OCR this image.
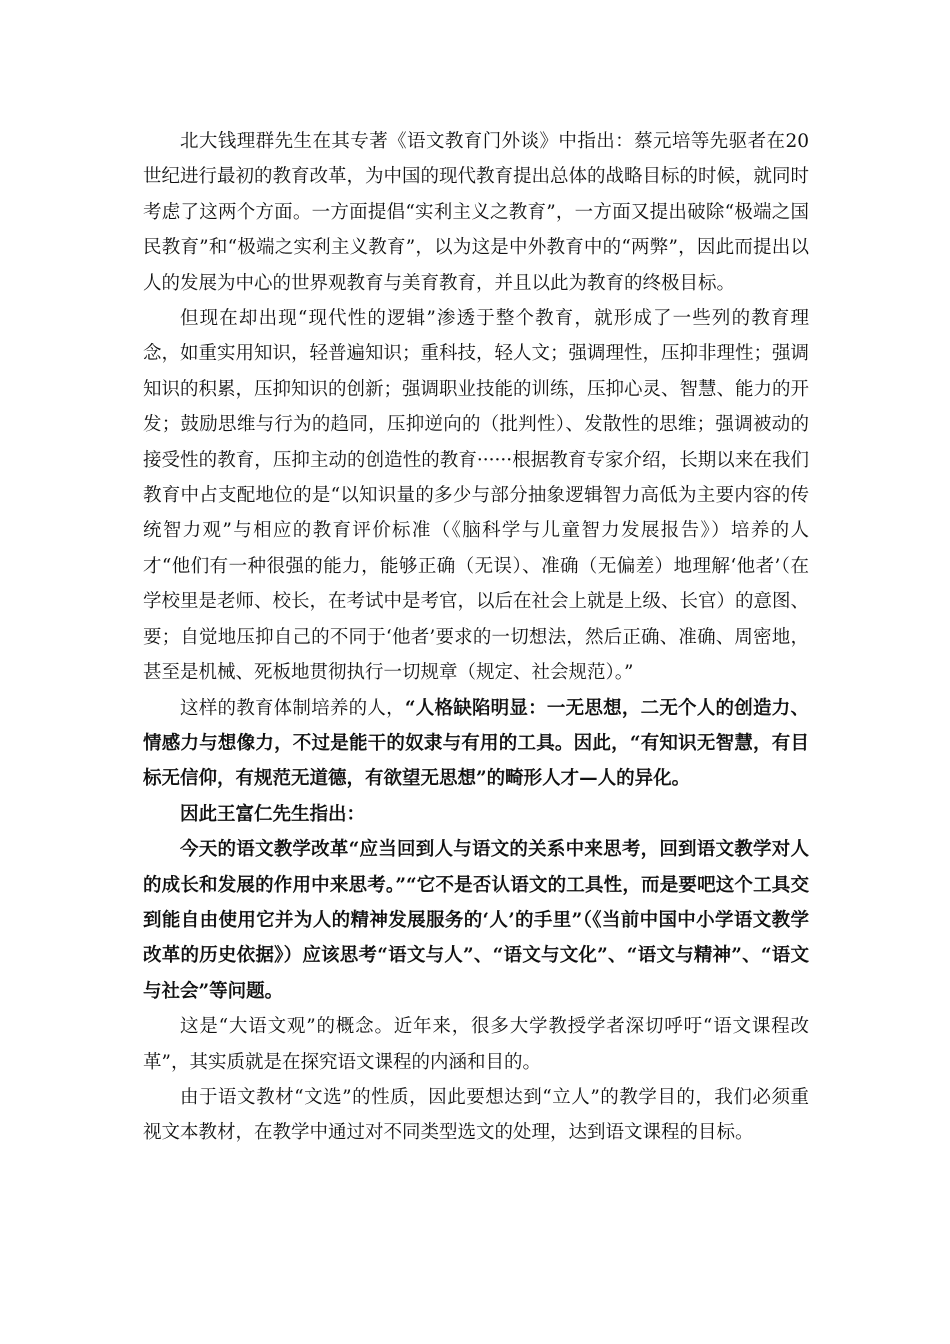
北大钱理群先生在其专著《语文教育门外谈》中指出：蔡元培等先驱者在20世纪进行最初的教育改革，为中国的现代教育提出总体的战略目标的时候，就同时考虑了这两个方面。一方面提倡“实利主义之教育”，一方面又提出破除“极端之国民教育”和“极端之实利主义教育”，以为这是中外教育中的“两弊”，因此而提出以人的发展为中心的世界观教育与美育教育，并且以此为教育的终极目标。

但现在却出现“现代性的逻辑”渗透于整个教育，就形成了一些列的教育理念，如重实用知识，轻普遍知识；重科技，轻人文；强调理性，压抑非理性；强调知识的积累，压抑知识的创新；强调职业技能的训练，压抑心灵、智慧、能力的开发；鼓励思维与行为的趋同，压抑逆向的（批判性）、发散性的思维；强调被动的接受性的教育，压抑主动的创造性的教育······根据教育专家介绍，长期以来在我们教育中占支配地位的是“以知识量的多少与部分抽象逻辑智力高低为主要内容的传统智力观”与相应的教育评价标准（《脑科学与儿童智力发展报告》）培养的人才“他们有一种很强的能力，能够正确（无误）、准确（无偏差）地理解‘他者’（在学校里是老师、校长，在考试中是考官，以后在社会上就是上级、长官）的意图、要；自觉地压抑自己的不同于‘他者’要求的一切想法，然后正确、准确、周密地，甚至是机械、死板地贯彻执行一切规章（规定、社会规范）。”

这样的教育体制培养的人，“人格缺陷明显：一无思想，二无个人的创造力、情感力与想像力，不过是能干的奴隶与有用的工具。因此，“有知识无智慧，有目标无信仰，有规范无道德，有欲望无思想”的畸形人才—人的异化。

因此王富仁先生指出：

今天的语文教学改革“应当回到人与语文的关系中来思考，回到语文教学对人的成长和发展的作用中来思考。”“它不是否认语文的工具性，而是要吧这个工具交到能自由使用它并为人的精神发展服务的‘人’的手里”（《当前中国中小学语文教学改革的历史依据》）应该思考“语文与人”、“语文与文化”、“语文与精神”、“语文与社会”等问题。

这是“大语文观”的概念。近年来，很多大学教授学者深切呼吁“语文课程改革”，其实质就是在探究语文课程的内涵和目的。

由于语文教材“文选”的性质，因此要想达到“立人”的教学目的，我们必须重视文本教材，在教学中通过对不同类型选文的处理，达到语文课程的目标。
